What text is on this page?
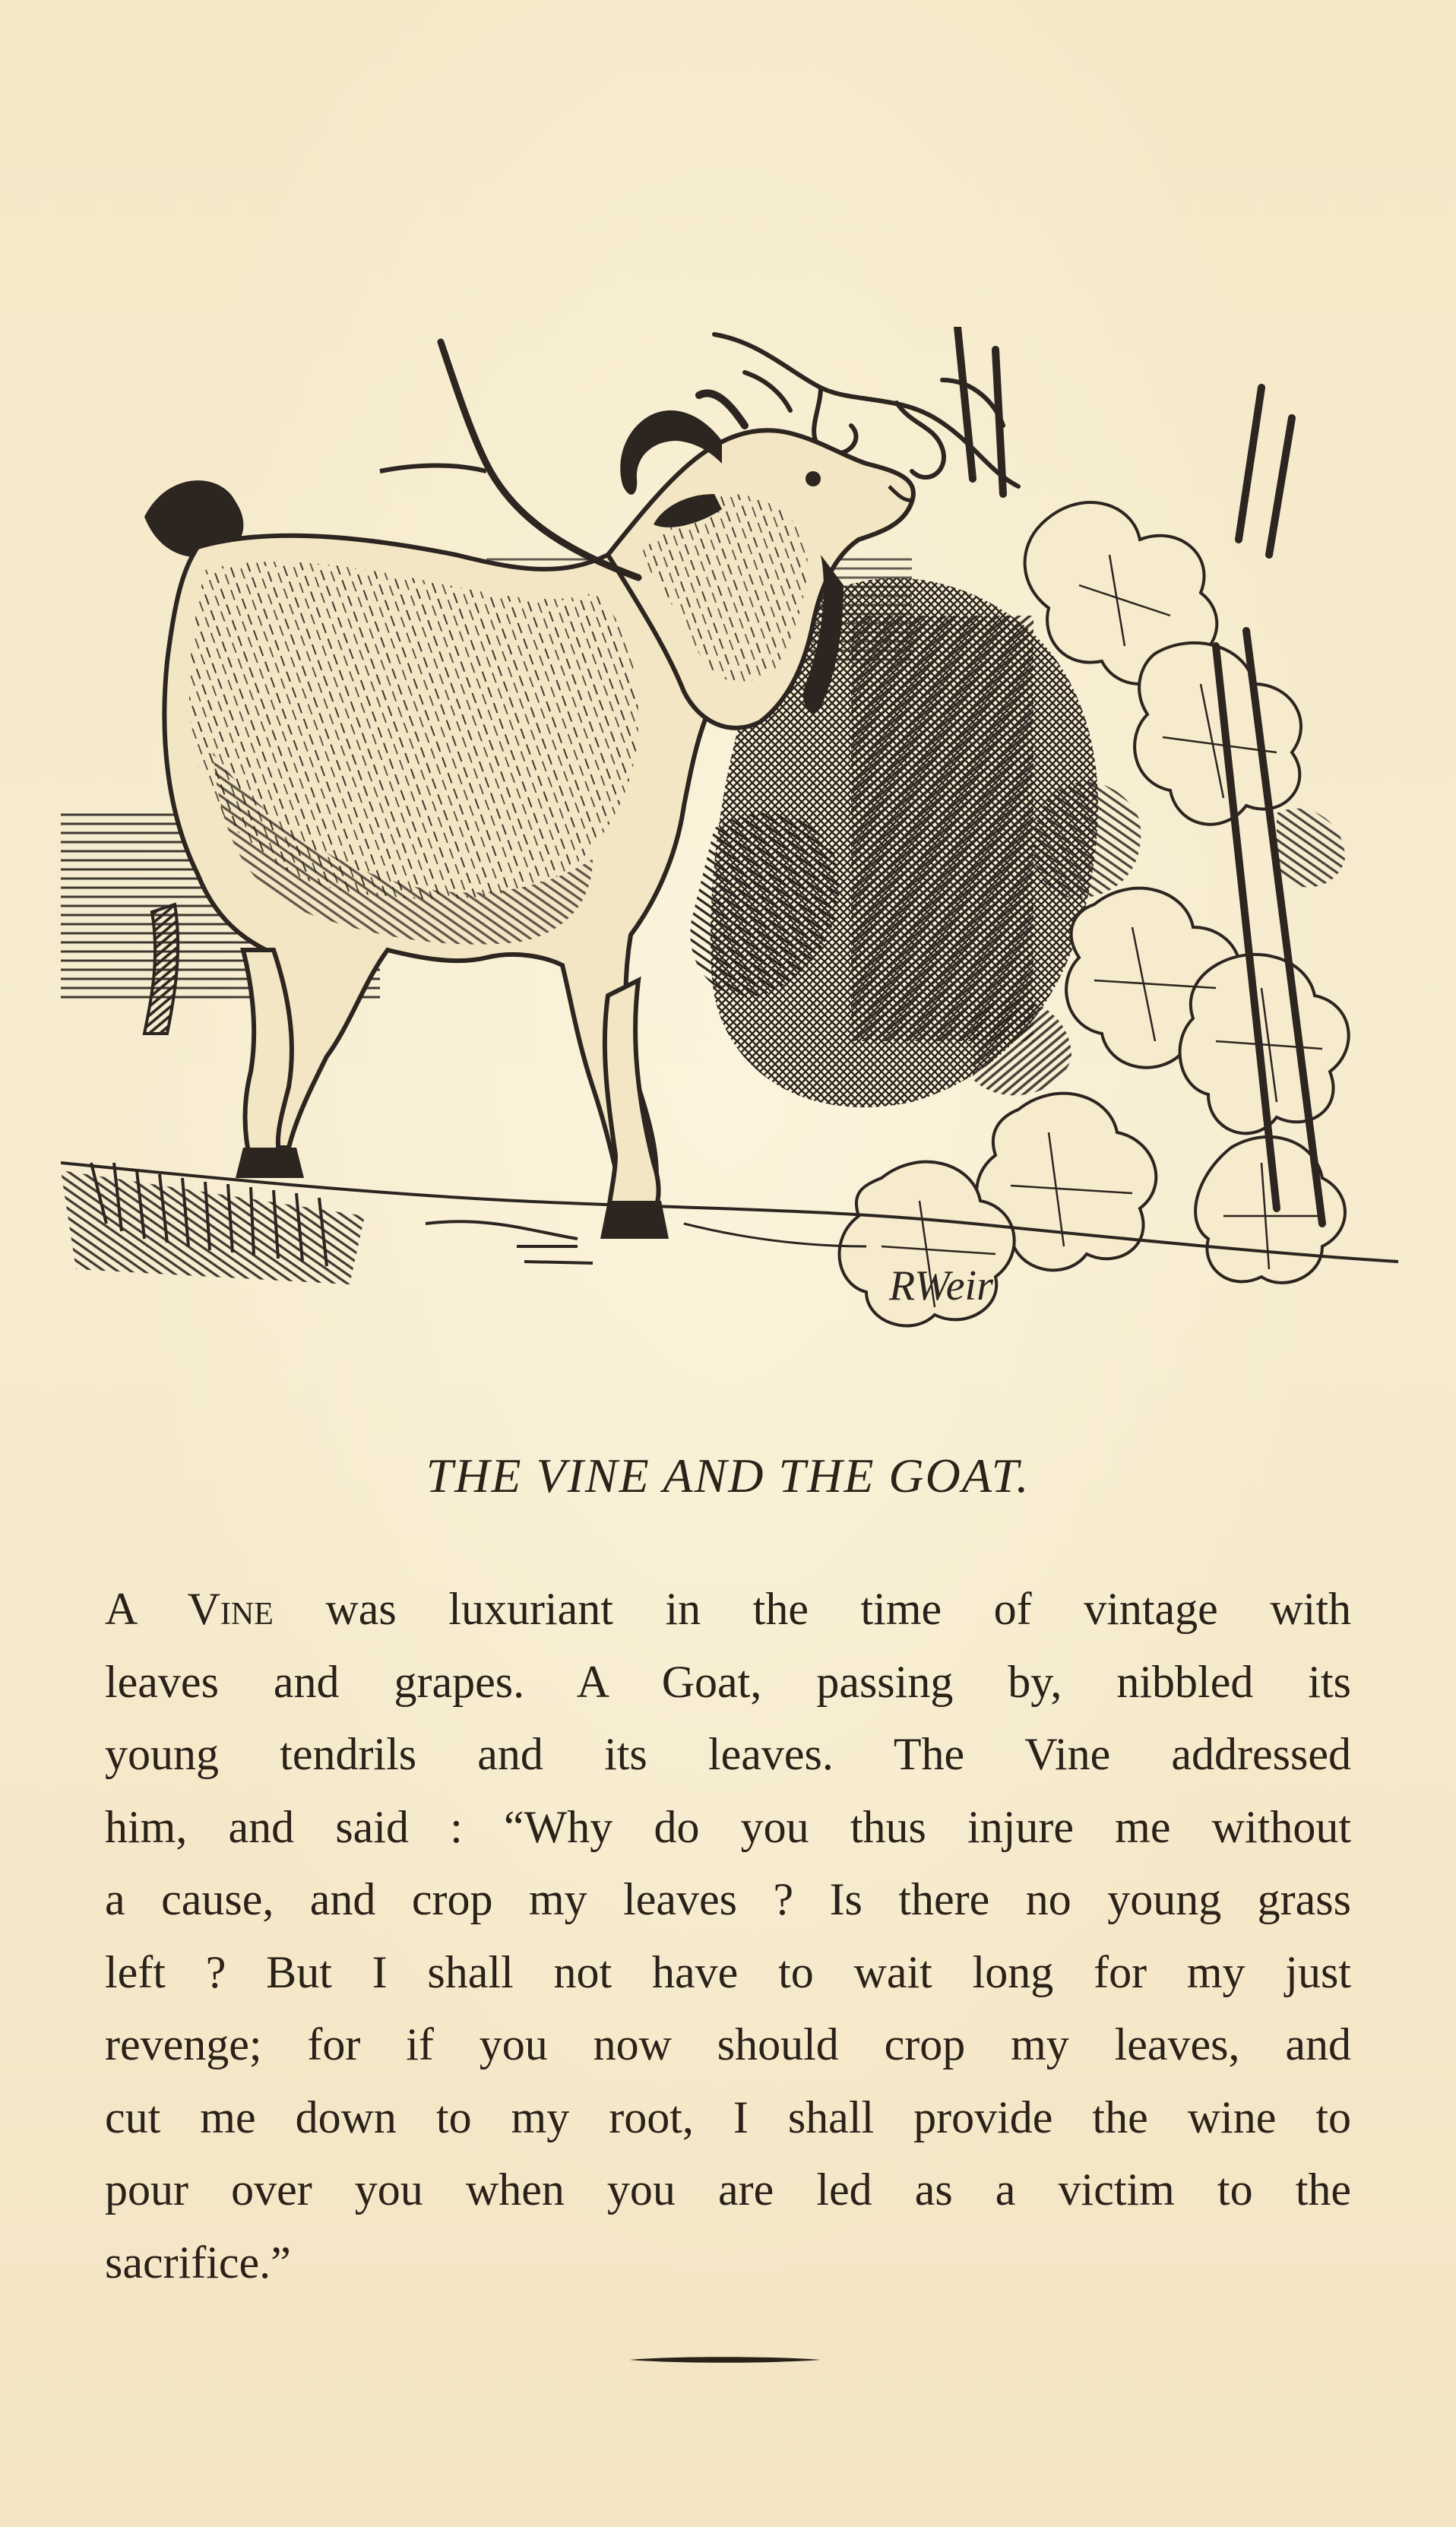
RWeir
THE VINE AND THE GOAT.
A Vine was luxuriant in the time of vintage with
leaves and grapes. A Goat, passing by, nibbled its
young tendrils and its leaves. The Vine addressed
him, and said : “Why do you thus injure me without
a cause, and crop my leaves ? Is there no young grass
left ? But I shall not have to wait long for my just
revenge; for if you now should crop my leaves, and
cut me down to my root, I shall provide the wine to
pour over you when you are led as a victim to the
sacrifice.”
